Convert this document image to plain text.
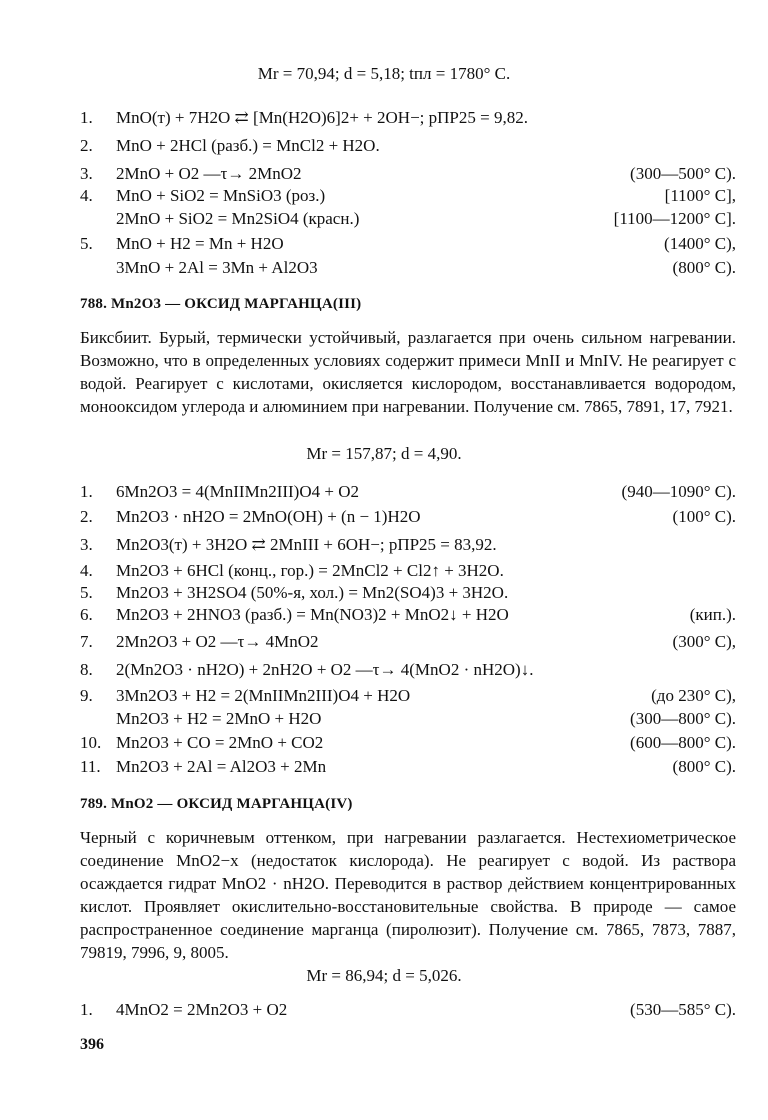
Mr = 70,94; d = 5,18; tпл = 1780° C.
1.	MnO(т) + 7H2O ⇄ [Mn(H2O)6]2+ + 2OH−; pПР25 = 9,82.
2.	MnO + 2HCl (разб.) = MnCl2 + H2O.
3.	2MnO + O2 —τ→ 2MnO2	(300—500° C).
4.	MnO + SiO2 = MnSiO3 (роз.)	[1100° C],
2MnO + SiO2 = Mn2SiO4 (красн.)	[1100—1200° C].
5.	MnO + H2 = Mn + H2O	(1400° C),
3MnO + 2Al = 3Mn + Al2O3	(800° C).
788. Mn2O3 — ОКСИД МАРГАНЦА(III)
Биксбиит. Бурый, термически устойчивый, разлагается при очень сильном нагревании. Возможно, что в определенных условиях содержит примеси MnII и MnIV. Не реагирует с водой. Реагирует с кислотами, окисляется кислородом, восстанавливается водородом, монооксидом углерода и алюминием при нагревании. Получение см. 7865, 7891, 17, 7921.
Mr = 157,87; d = 4,90.
1.	6Mn2O3 = 4(MnIIMn2III)O4 + O2	(940—1090° C).
2.	Mn2O3 · nH2O = 2MnO(OH) + (n − 1)H2O	(100° C).
3.	Mn2O3(т) + 3H2O ⇄ 2MnIII + 6OH−; pПР25 = 83,92.
4.	Mn2O3 + 6HCl (конц., гор.) = 2MnCl2 + Cl2↑ + 3H2O.
5.	Mn2O3 + 3H2SO4 (50%-я, хол.) = Mn2(SO4)3 + 3H2O.
6.	Mn2O3 + 2HNO3 (разб.) = Mn(NO3)2 + MnO2↓ + H2O	(кип.).
7.	2Mn2O3 + O2 —τ→ 4MnO2	(300° C),
8.	2(Mn2O3 · nH2O) + 2nH2O + O2 —τ→ 4(MnO2 · nH2O)↓.
9.	3Mn2O3 + H2 = 2(MnIIMn2III)O4 + H2O	(до 230° C),
Mn2O3 + H2 = 2MnO + H2O	(300—800° C).
10. Mn2O3 + CO = 2MnO + CO2	(600—800° C).
11. Mn2O3 + 2Al = Al2O3 + 2Mn	(800° C).
789. MnO2 — ОКСИД МАРГАНЦА(IV)
Черный с коричневым оттенком, при нагревании разлагается. Нестехиометрическое соединение MnO2−x (недостаток кислорода). Не реагирует с водой. Из раствора осаждается гидрат MnO2 · nH2O. Переводится в раствор действием концентрированных кислот. Проявляет окислительно-восстановительные свойства. В природе — самое распространенное соединение марганца (пиролюзит). Получение см. 7865, 7873, 7887, 79819, 7996, 9, 8005.
Mr = 86,94; d = 5,026.
1.	4MnO2 = 2Mn2O3 + O2	(530—585° C).
396
